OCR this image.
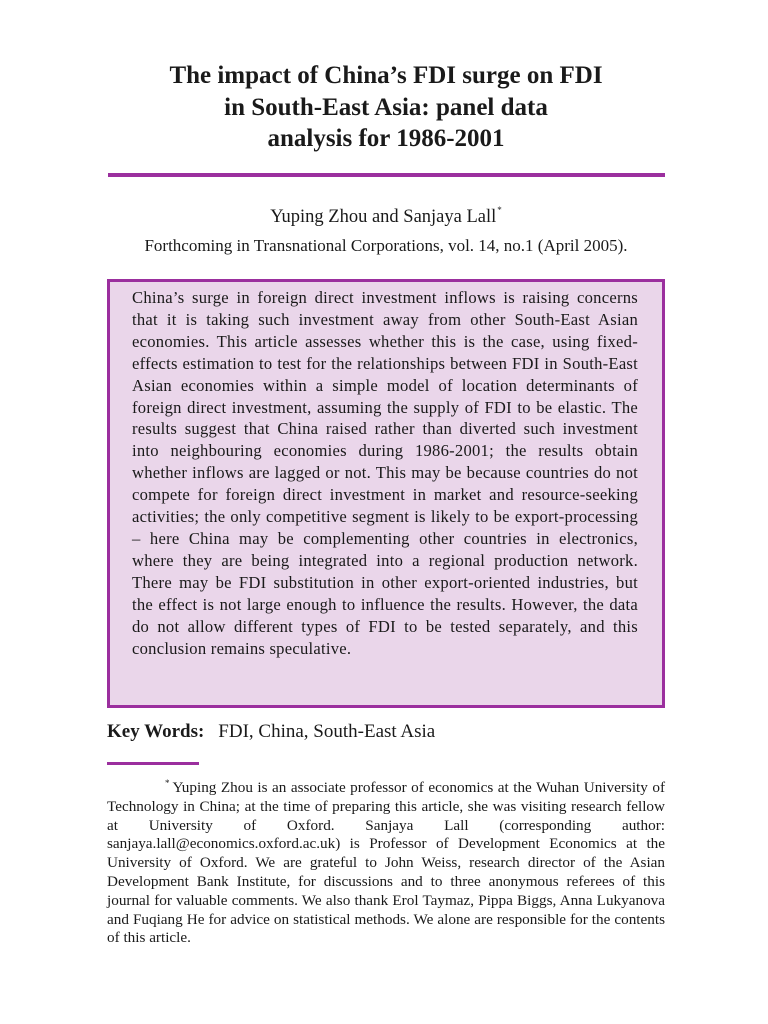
The impact of China’s FDI surge on FDI
in South-East Asia: panel data
analysis for 1986-2001
Yuping Zhou and Sanjaya Lall*
Forthcoming in Transnational Corporations, vol. 14, no.1 (April 2005).

China’s surge in foreign direct investment inflows is raising concerns that it is taking such investment away from other South-East Asian economies. This article assesses whether this is the case, using fixed-effects estimation to test for the relationships between FDI in South-East Asian economies within a simple model of location determinants of foreign direct investment, assuming the supply of FDI to be elastic. The results suggest that China raised rather than diverted such investment into neighbouring economies during 1986-2001; the results obtain whether inflows are lagged or not. This may be because countries do not compete for foreign direct investment in market and resource-seeking activities; the only competitive segment is likely to be export-processing – here China may be complementing other countries in electronics, where they are being integrated into a regional production network. There may be FDI substitution in other export-oriented industries, but the effect is not large enough to influence the results. However, the data do not allow different types of FDI to be tested separately, and this conclusion remains speculative.

Key Words: FDI, China, South-East Asia

* Yuping Zhou is an associate professor of economics at the Wuhan University of Technology in China; at the time of preparing this article, she was visiting research fellow at University of Oxford. Sanjaya Lall (corresponding author: sanjaya.lall@economics.oxford.ac.uk) is Professor of Development Economics at the University of Oxford. We are grateful to John Weiss, research director of the Asian Development Bank Institute, for discussions and to three anonymous referees of this journal for valuable comments. We also thank Erol Taymaz, Pippa Biggs, Anna Lukyanova and Fuqiang He for advice on statistical methods. We alone are responsible for the contents of this article.
